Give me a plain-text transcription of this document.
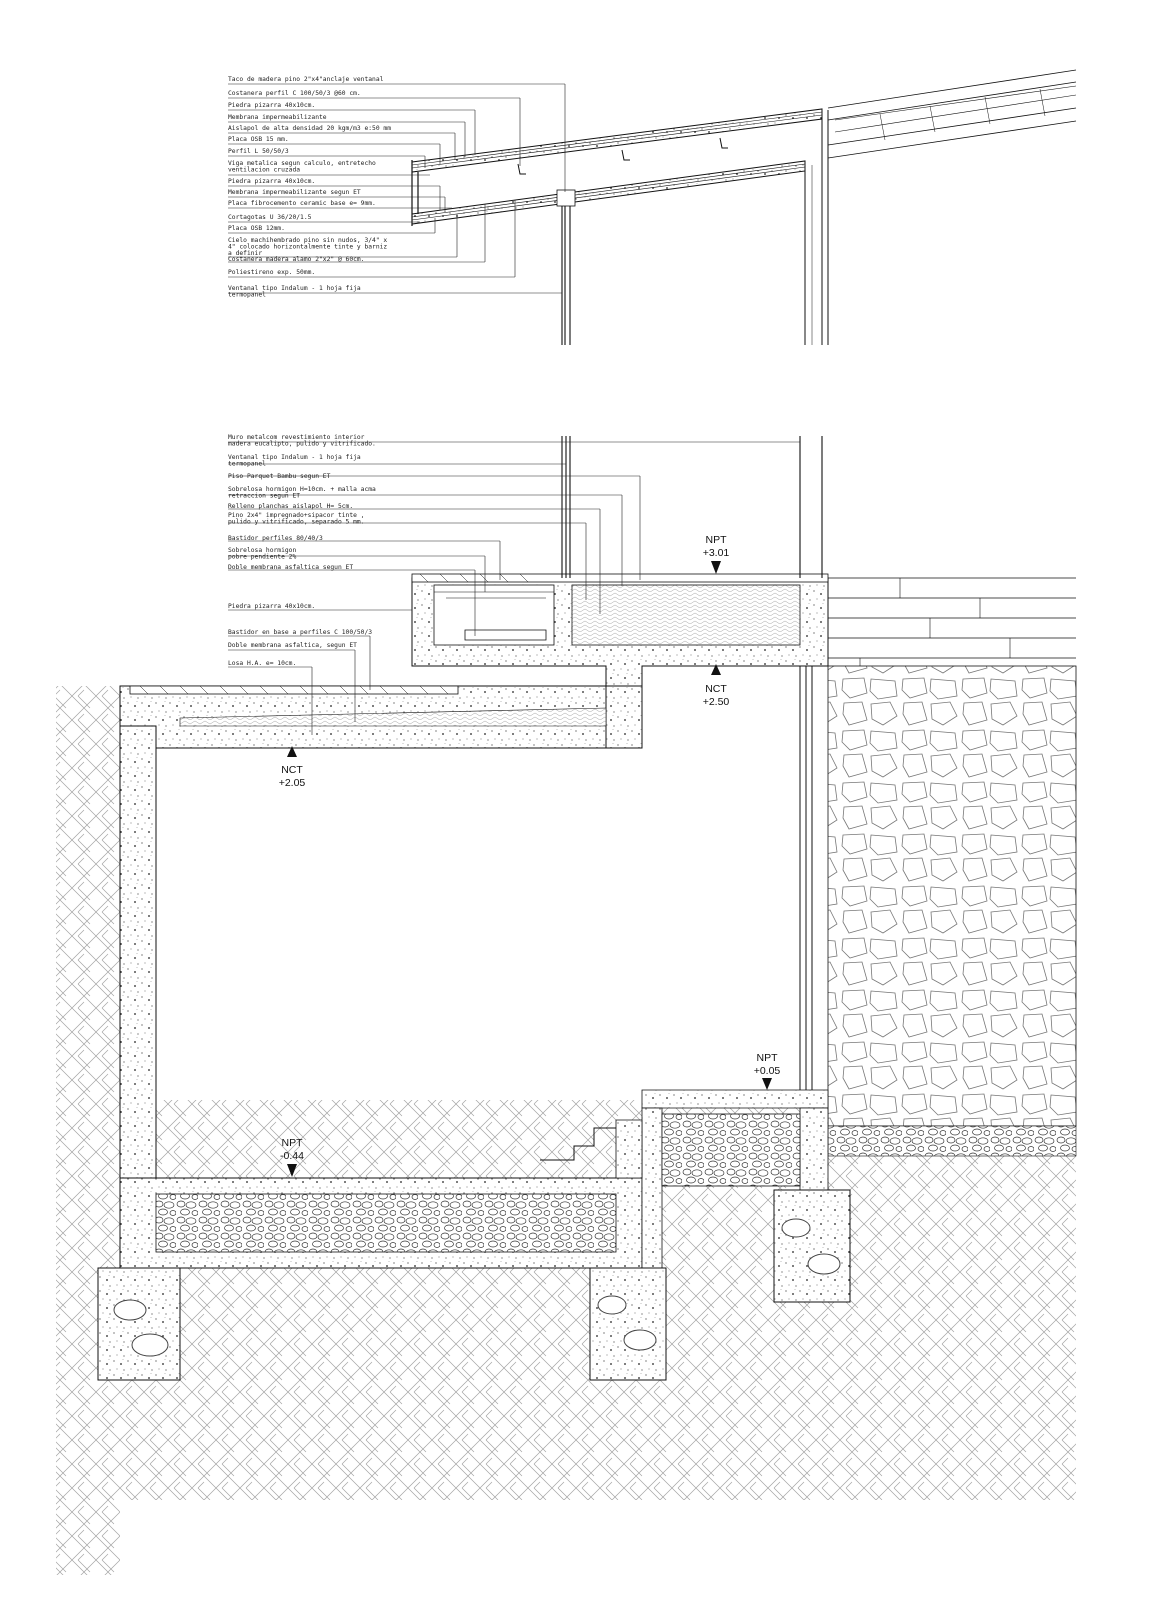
Taco de madera pino 2"x4"anclaje ventanal
Costanera perfil C 100/50/3 @60 cm.
Piedra pizarra 40x10cm.
Membrana impermeabilizante
Aislapol de alta densidad 20 kgm/m3 e:50 mm
Placa OSB 15 mm.
Perfil L 50/50/3
Viga metalica segun calculo, entretecho ventilacion cruzada
Piedra pizarra 40x10cm.
Membrana impermeabilizante segun ET
Placa fibrocemento ceramic base e= 9mm.
Cortagotas U 36/20/1.5
Placa OSB 12mm.
Cielo machihembrado pino sin nudos, 3/4" x 4" colocado horizontalmente tinte y barniz a definir
Costanera madera alamo 2"x2" @ 60cm.
Poliestireno exp. 50mm.
Ventanal tipo Indalum - 1 hoja fija termopanel
Muro metalcom revestimiento interior madera eucalipto, pulido y vitrificado.
Ventanal tipo Indalum - 1 hoja fija termopanel
Piso Parquet Bambu segun ET
Sobrelosa hormigon H=10cm. + malla acma retraccion segun ET
Relleno planchas aislapol H= 5cm.
Pino 2x4" impregnado+sipacor tinte , pulido y vitrificado, separado 5 mm.
Bastidor perfiles 80/40/3
Sobrelosa hormigon pobre pendiente 2%
Doble membrana asfaltica segun ET
Piedra pizarra 40x10cm.
Bastidor en base a perfiles C 100/50/3
Doble membrana asfaltica, segun ET
Losa H.A. e= 10cm.
NPT
+3.01
NCT
+2.50
NCT
+2.05
NPT
+0.05
NPT
-0.44
